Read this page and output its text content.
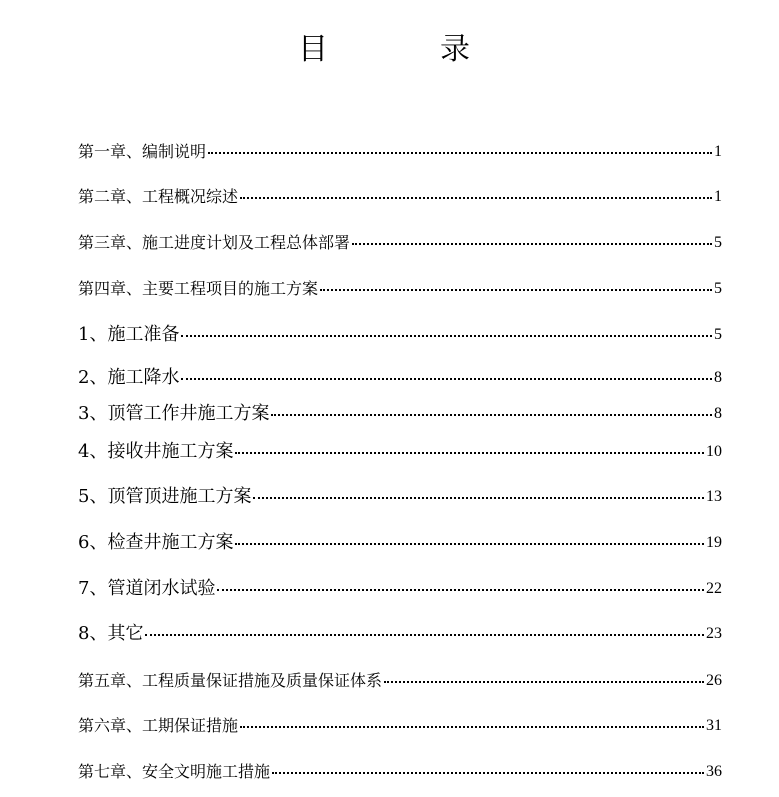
目	录
第一章、编制说明	1
第二章、工程概况综述	1
第三章、施工进度计划及工程总体部署	5
第四章、主要工程项目的施工方案	5
1、施工准备	5
2、施工降水	8
3、顶管工作井施工方案	8
4、接收井施工方案	10
5、顶管顶进施工方案	13
6、检查井施工方案	19
7、管道闭水试验	22
8、其它	23
第五章、工程质量保证措施及质量保证体系	26
第六章、工期保证措施	31
第七章、安全文明施工措施	36
